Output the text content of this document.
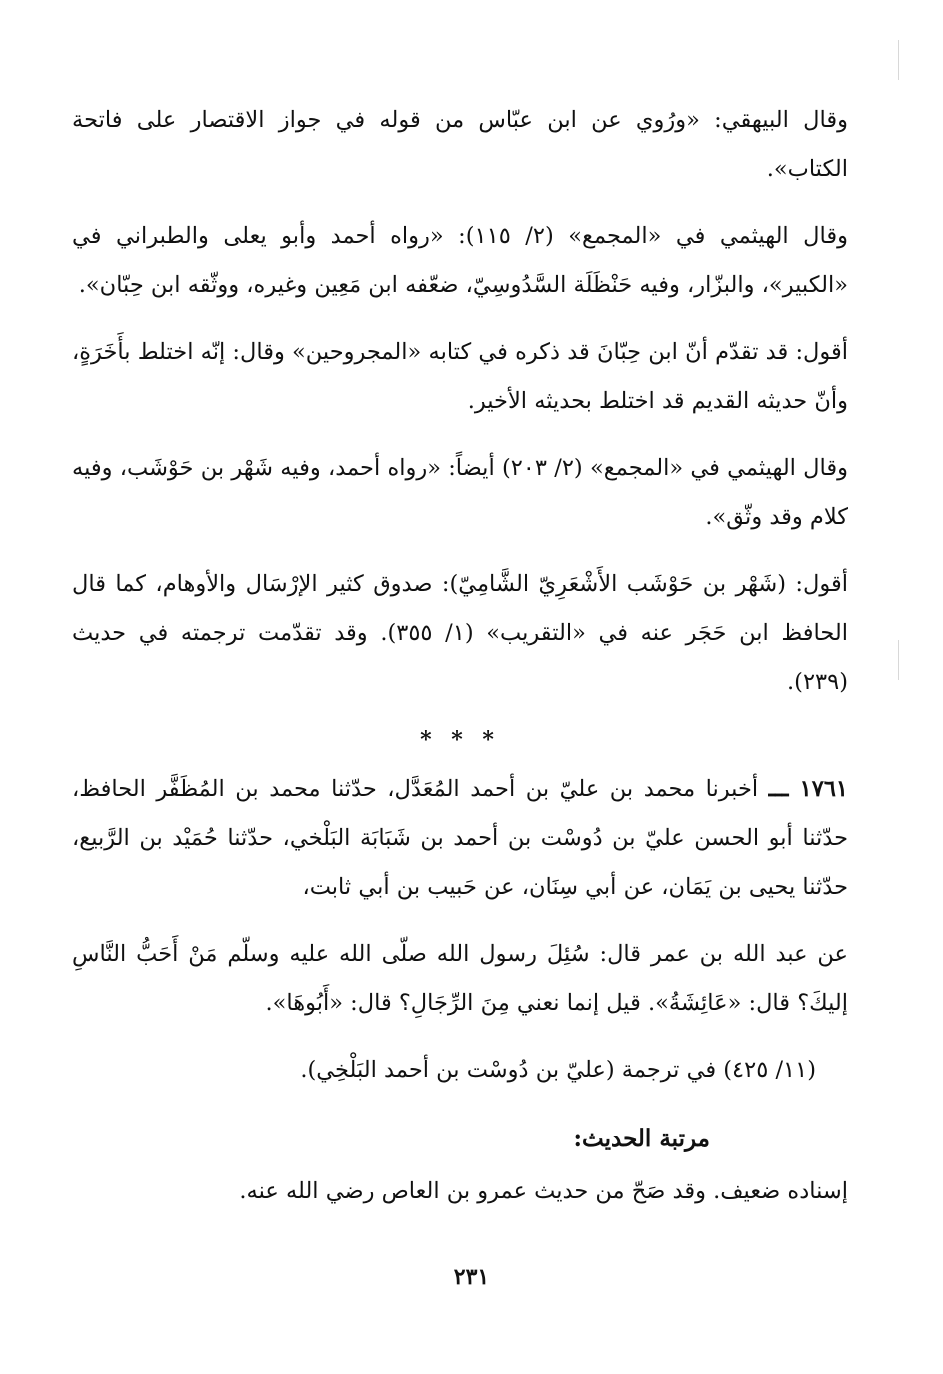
وقال البيهقي: «ورُوي عن ابن عبّاس من قوله في جواز الاقتصار على فاتحة الكتاب».

وقال الهيثمي في «المجمع» (٢/ ١١٥): «رواه أحمد وأبو يعلى والطبراني في «الكبير»، والبزّار، وفيه حَنْظَلَة السَّدُوسِيّ، ضعّفه ابن مَعِين وغيره، ووثّقه ابن حِبّان».

أقول: قد تقدّم أنّ ابن حِبّانَ قد ذكره في كتابه «المجروحين» وقال: إنّه اختلط بأَخَرَةٍ، وأنّ حديثه القديم قد اختلط بحديثه الأخير.

وقال الهيثمي في «المجمع» (٢/ ٢٠٣) أيضاً: «رواه أحمد، وفيه شَهْر بن حَوْشَب، وفيه كلام وقد وثّق».

أقول: (شَهْر بن حَوْشَب الأَشْعَرِيّ الشَّامِيّ): صدوق كثير الإرْسَال والأوهام، كما قال الحافظ ابن حَجَر عنه في «التقريب» (١/ ٣٥٥). وقد تقدّمت ترجمته في حديث (٢٣٩).

* * *

١٧٦١ ـــ أخبرنا محمد بن عليّ بن أحمد المُعَدَّل، حدّثنا محمد بن المُظَفَّر الحافظ، حدّثنا أبو الحسن عليّ بن دُوسْت بن أحمد بن شَبَابَة البَلْخي، حدّثنا حُمَيْد بن الرَّبيع، حدّثنا يحيى بن يَمَان، عن أبي سِنَان، عن حَبيب بن أبي ثابت،

عن عبد الله بن عمر قال: سُئِلَ رسول الله صلّى الله عليه وسلّم مَنْ أَحَبُّ النَّاسِ إليكَ؟ قال: «عَائِشَةُ». قيل إنما نعني مِنَ الرِّجَالِ؟ قال: «أَبُوهَا».

(١١/ ٤٢٥) في ترجمة (عليّ بن دُوسْت بن أحمد البَلْخِي).

مرتبة الحديث:

إسناده ضعيف. وقد صَحّ من حديث عمرو بن العاص رضي الله عنه.

٢٣١
